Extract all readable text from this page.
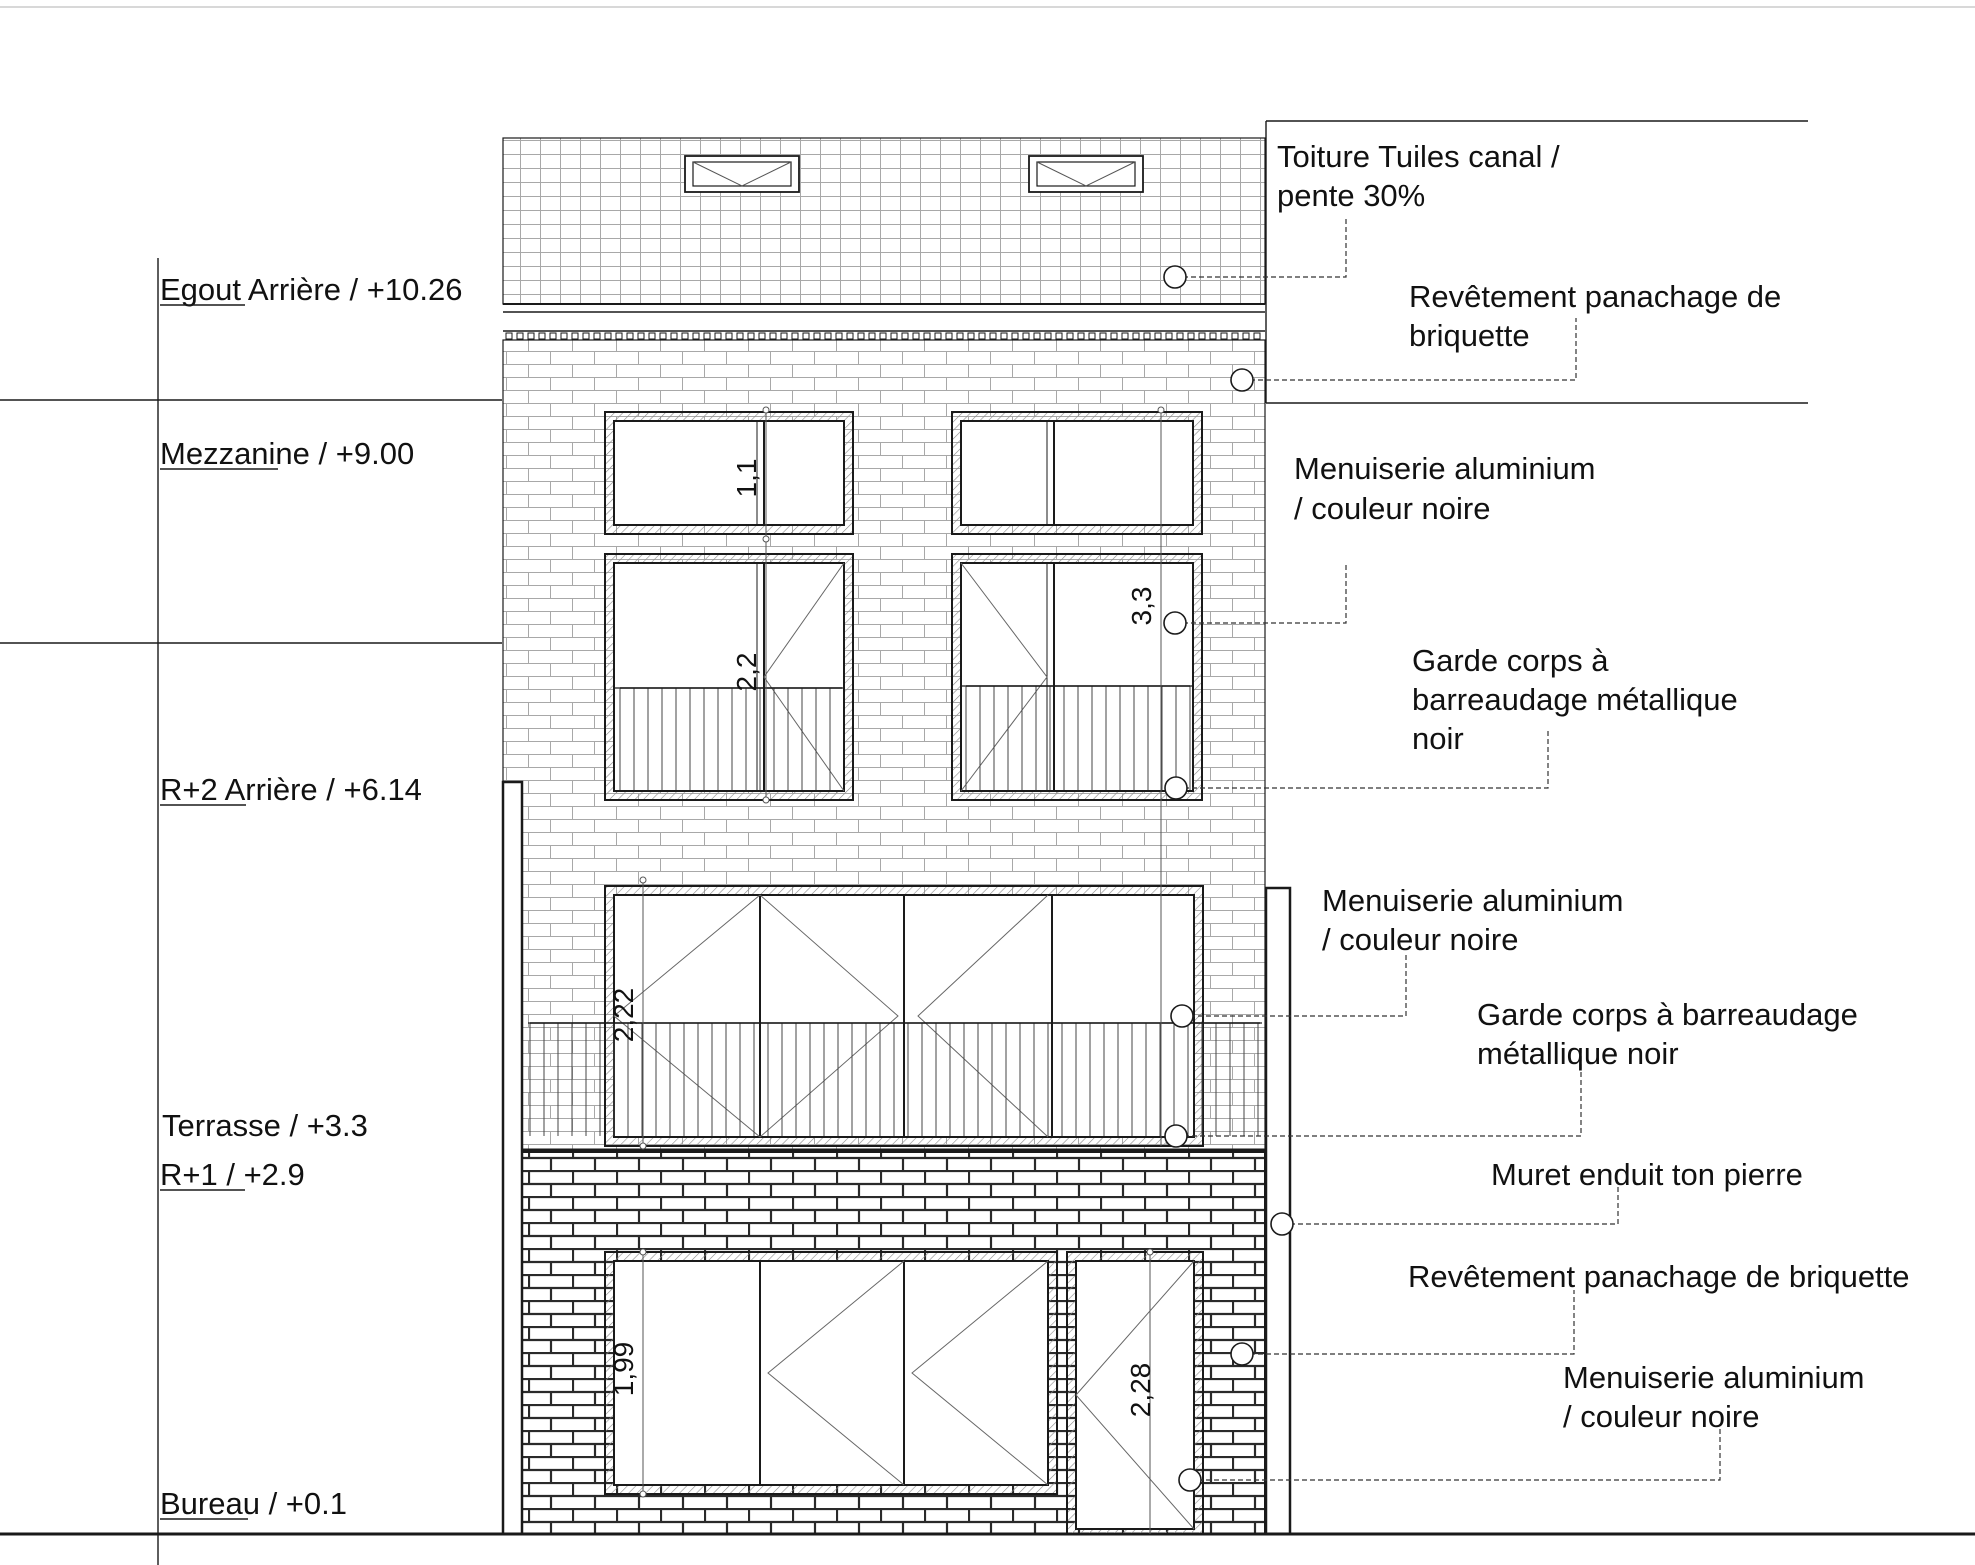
1,1
2,2
3,3
2,22
1,99	2,28
Egout Arrière / +10.26
Mezzanine / +9.00
R+2 Arrière / +6.14
Terrasse / +3.3
R+1 / +2.9
Bureau / +0.1
Toiture Tuiles canal / pente 30%
Revêtement panachage de briquette
Menuiserie aluminium / couleur noire
Garde corps à barreaudage métallique noir
Menuiserie aluminium / couleur noire
Garde corps à barreaudage métallique noir
Muret enduit ton pierre
Revêtement panachage de briquette
Menuiserie aluminium / couleur noire
